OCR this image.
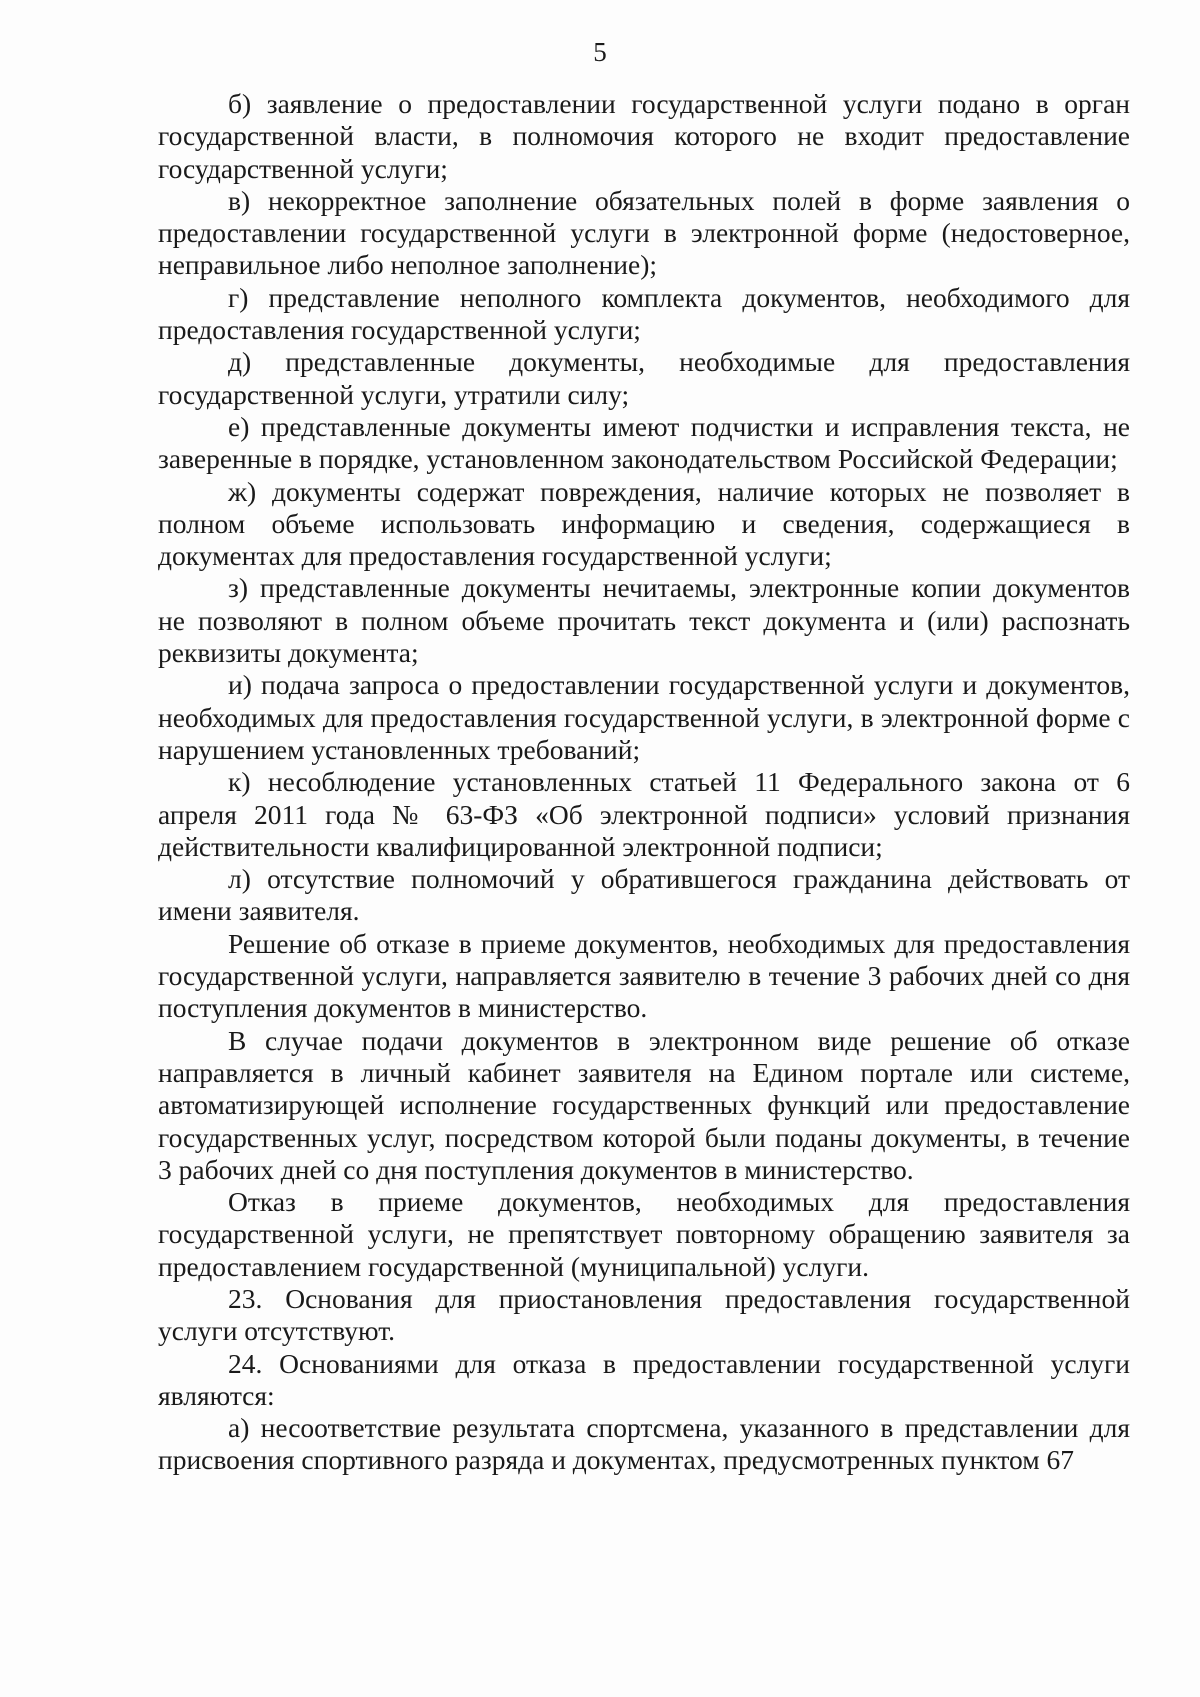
5

б) заявление о предоставлении государственной услуги подано в орган государственной власти, в полномочия которого не входит предоставление государственной услуги;

в) некорректное заполнение обязательных полей в форме заявления о предоставлении государственной услуги в электронной форме (недостоверное, неправильное либо неполное заполнение);

г) представление неполного комплекта документов, необходимого для предоставления государственной услуги;

д) представленные документы, необходимые для предоставления государственной услуги, утратили силу;

е) представленные документы имеют подчистки и исправления текста, не заверенные в порядке, установленном законодательством Российской Федерации;

ж) документы содержат повреждения, наличие которых не позволяет в полном объеме использовать информацию и сведения, содержащиеся в документах для предоставления государственной услуги;

з) представленные документы нечитаемы, электронные копии документов не позволяют в полном объеме прочитать текст документа и (или) распознать реквизиты документа;

и) подача запроса о предоставлении государственной услуги и документов, необходимых для предоставления государственной услуги, в электронной форме с нарушением установленных требований;

к) несоблюдение установленных статьей 11 Федерального закона от 6 апреля 2011 года № 63-ФЗ «Об электронной подписи» условий признания действительности квалифицированной электронной подписи;

л) отсутствие полномочий у обратившегося гражданина действовать от имени заявителя.

Решение об отказе в приеме документов, необходимых для предоставления государственной услуги, направляется заявителю в течение 3 рабочих дней со дня поступления документов в министерство.

В случае подачи документов в электронном виде решение об отказе направляется в личный кабинет заявителя на Едином портале или системе, автоматизирующей исполнение государственных функций или предоставление государственных услуг, посредством которой были поданы документы, в течение 3 рабочих дней со дня поступления документов в министерство.

Отказ в приеме документов, необходимых для предоставления государственной услуги, не препятствует повторному обращению заявителя за предоставлением государственной (муниципальной) услуги.

23. Основания для приостановления предоставления государственной услуги отсутствуют.

24. Основаниями для отказа в предоставлении государственной услуги являются:

а) несоответствие результата спортсмена, указанного в представлении для присвоения спортивного разряда и документах, предусмотренных пунктом 67
